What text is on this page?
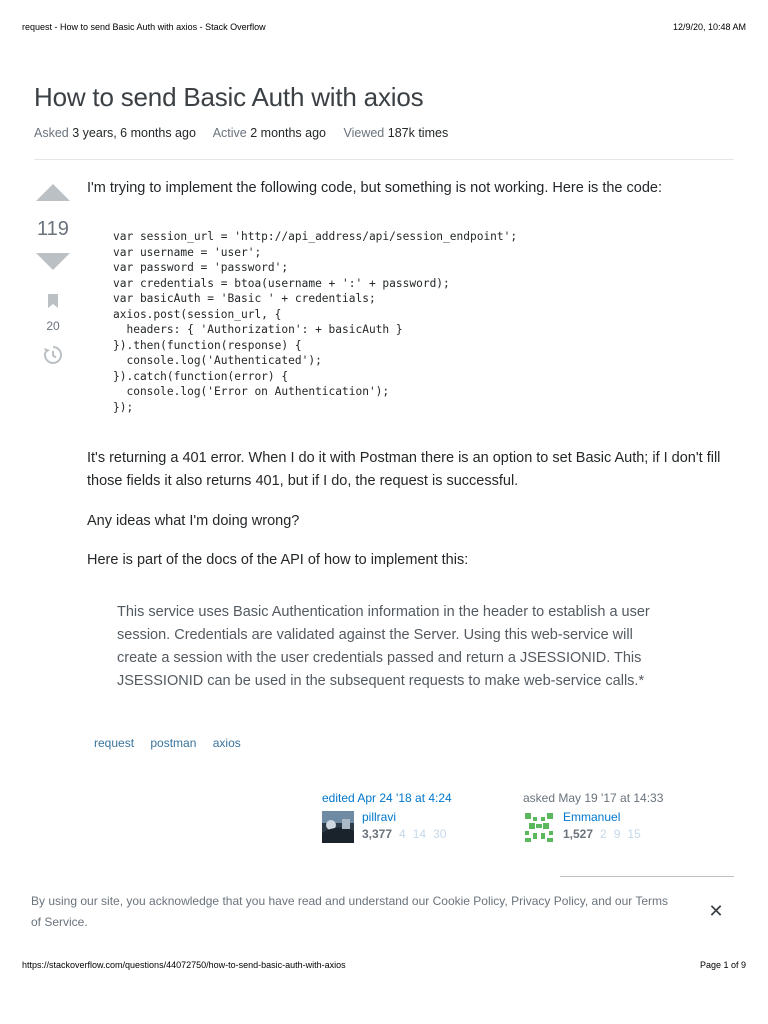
request - How to send Basic Auth with axios - Stack Overflow	12/9/20, 10:48 AM
How to send Basic Auth with axios
Asked 3 years, 6 months ago Active 2 months ago Viewed 187k times
119
20

I'm trying to implement the following code, but something is not working. Here is the code:

var session_url = 'http://api_address/api/session_endpoint';
var username = 'user';
var password = 'password';
var credentials = btoa(username + ':' + password);
var basicAuth = 'Basic ' + credentials;
axios.post(session_url, {
headers: { 'Authorization': + basicAuth }
}).then(function(response) {
console.log('Authenticated');
}).catch(function(error) {
console.log('Error on Authentication');
});

It's returning a 401 error. When I do it with Postman there is an option to set Basic Auth; if I don't fill those fields it also returns 401, but if I do, the request is successful.

Any ideas what I'm doing wrong?

Here is part of the docs of the API of how to implement this:

This service uses Basic Authentication information in the header to establish a user session. Credentials are validated against the Server. Using this web-service will create a session with the user credentials passed and return a JSESSIONID. This JSESSIONID can be used in the subsequent requests to make web-service calls.*
request postman axios
edited Apr 24 '18 at 4:24
pillravi
3,377 4 14 30
asked May 19 '17 at 14:33
Emmanuel
1,527 2 9 15
By using our site, you acknowledge that you have read and understand our Cookie Policy, Privacy Policy, and our Terms of Service.
✕
https://stackoverflow.com/questions/44072750/how-to-send-basic-auth-with-axios	Page 1 of 9
